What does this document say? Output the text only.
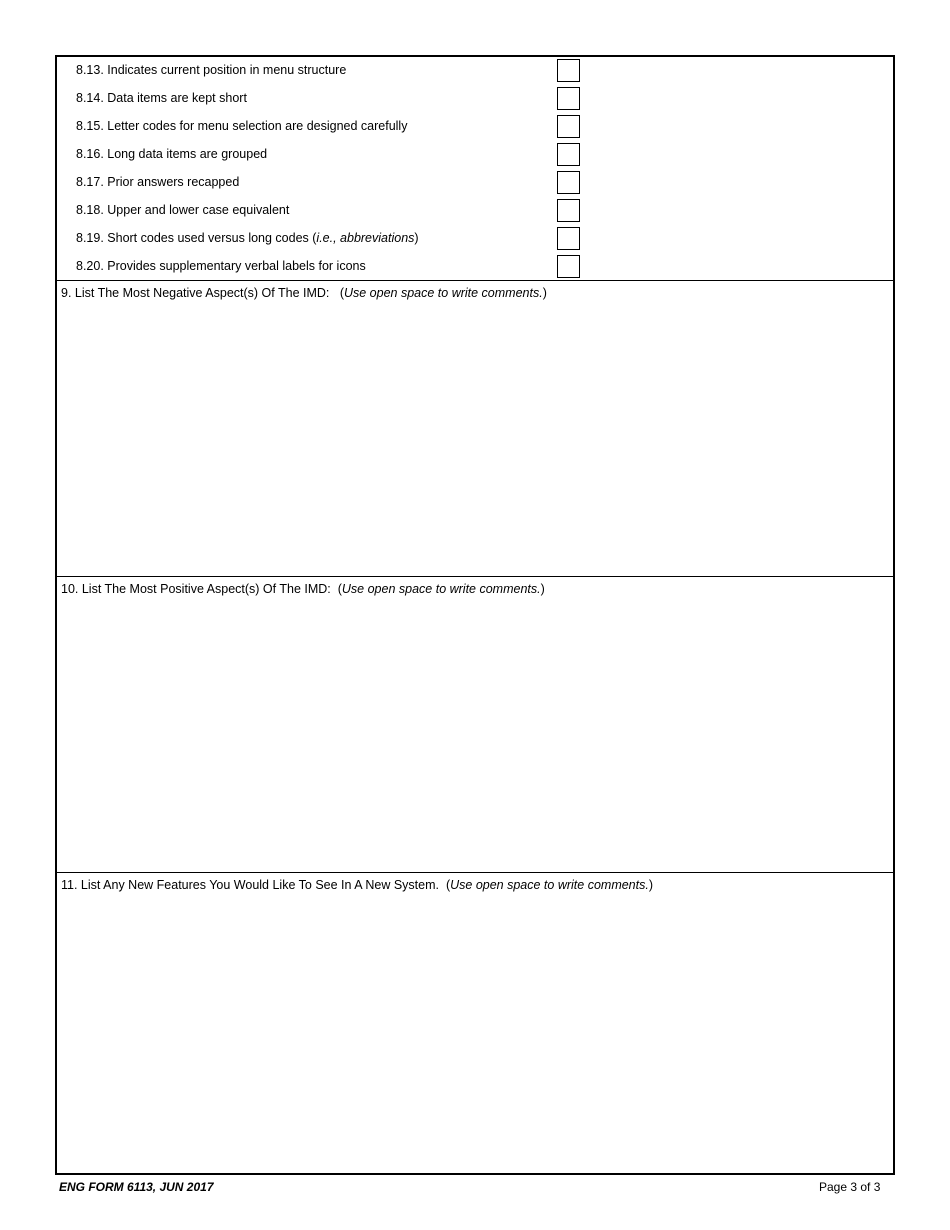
8.13. Indicates current position in menu structure
8.14. Data items are kept short
8.15. Letter codes for menu selection are designed carefully
8.16. Long data items are grouped
8.17. Prior answers recapped
8.18. Upper and lower case equivalent
8.19. Short codes used versus long codes (i.e., abbreviations)
8.20. Provides supplementary verbal labels for icons
9. List The Most Negative Aspect(s) Of The IMD: (Use open space to write comments.)
10. List The Most Positive Aspect(s) Of The IMD: (Use open space to write comments.)
11. List Any New Features You Would Like To See In A New System. (Use open space to write comments.)
ENG FORM 6113, JUN 2017	Page 3 of 3
